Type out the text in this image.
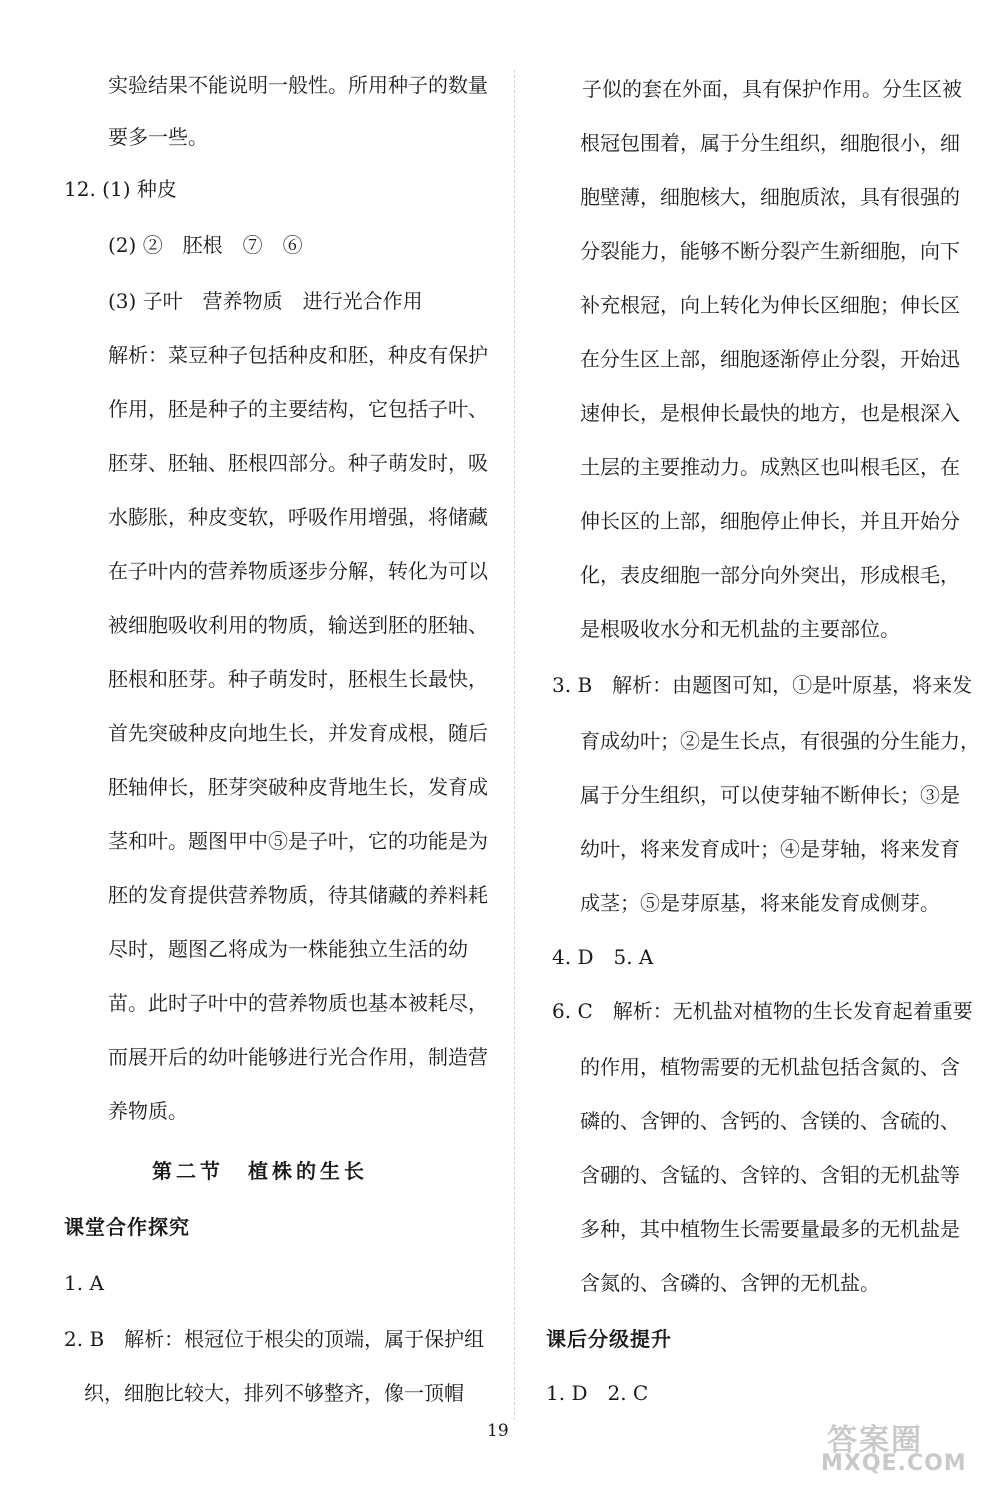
实验结果不能说明一般性。所用种子的数量
要多一些。
12. (1) 种皮
(2) ②　胚根　⑦　⑥
(3) 子叶　营养物质　进行光合作用
解析：菜豆种子包括种皮和胚，种皮有保护
作用，胚是种子的主要结构，它包括子叶、
胚芽、胚轴、胚根四部分。种子萌发时，吸
水膨胀，种皮变软，呼吸作用增强，将储藏
在子叶内的营养物质逐步分解，转化为可以
被细胞吸收利用的物质，输送到胚的胚轴、
胚根和胚芽。种子萌发时，胚根生长最快，
首先突破种皮向地生长，并发育成根，随后
胚轴伸长，胚芽突破种皮背地生长，发育成
茎和叶。题图甲中⑤是子叶，它的功能是为
胚的发育提供营养物质，待其储藏的养料耗
尽时，题图乙将成为一株能独立生活的幼
苗。此时子叶中的营养物质也基本被耗尽，
而展开后的幼叶能够进行光合作用，制造营
养物质。
第二节　植株的生长
课堂合作探究
1. A
2. B　解析：根冠位于根尖的顶端，属于保护组
织，细胞比较大，排列不够整齐，像一顶帽
子似的套在外面，具有保护作用。分生区被
根冠包围着，属于分生组织，细胞很小，细
胞壁薄，细胞核大，细胞质浓，具有很强的
分裂能力，能够不断分裂产生新细胞，向下
补充根冠，向上转化为伸长区细胞；伸长区
在分生区上部，细胞逐渐停止分裂，开始迅
速伸长，是根伸长最快的地方，也是根深入
土层的主要推动力。成熟区也叫根毛区，在
伸长区的上部，细胞停止伸长，并且开始分
化，表皮细胞一部分向外突出，形成根毛，
是根吸收水分和无机盐的主要部位。
3. B　解析：由题图可知，①是叶原基，将来发
育成幼叶；②是生长点，有很强的分生能力，
属于分生组织，可以使芽轴不断伸长；③是
幼叶，将来发育成叶；④是芽轴，将来发育
成茎；⑤是芽原基，将来能发育成侧芽。
4. D　5. A
6. C　解析：无机盐对植物的生长发育起着重要
的作用，植物需要的无机盐包括含氮的、含
磷的、含钾的、含钙的、含镁的、含硫的、
含硼的、含锰的、含锌的、含钼的无机盐等
多种，其中植物生长需要量最多的无机盐是
含氮的、含磷的、含钾的无机盐。
课后分级提升
1. D　2. C
19	答案圈
MXQE.COM
